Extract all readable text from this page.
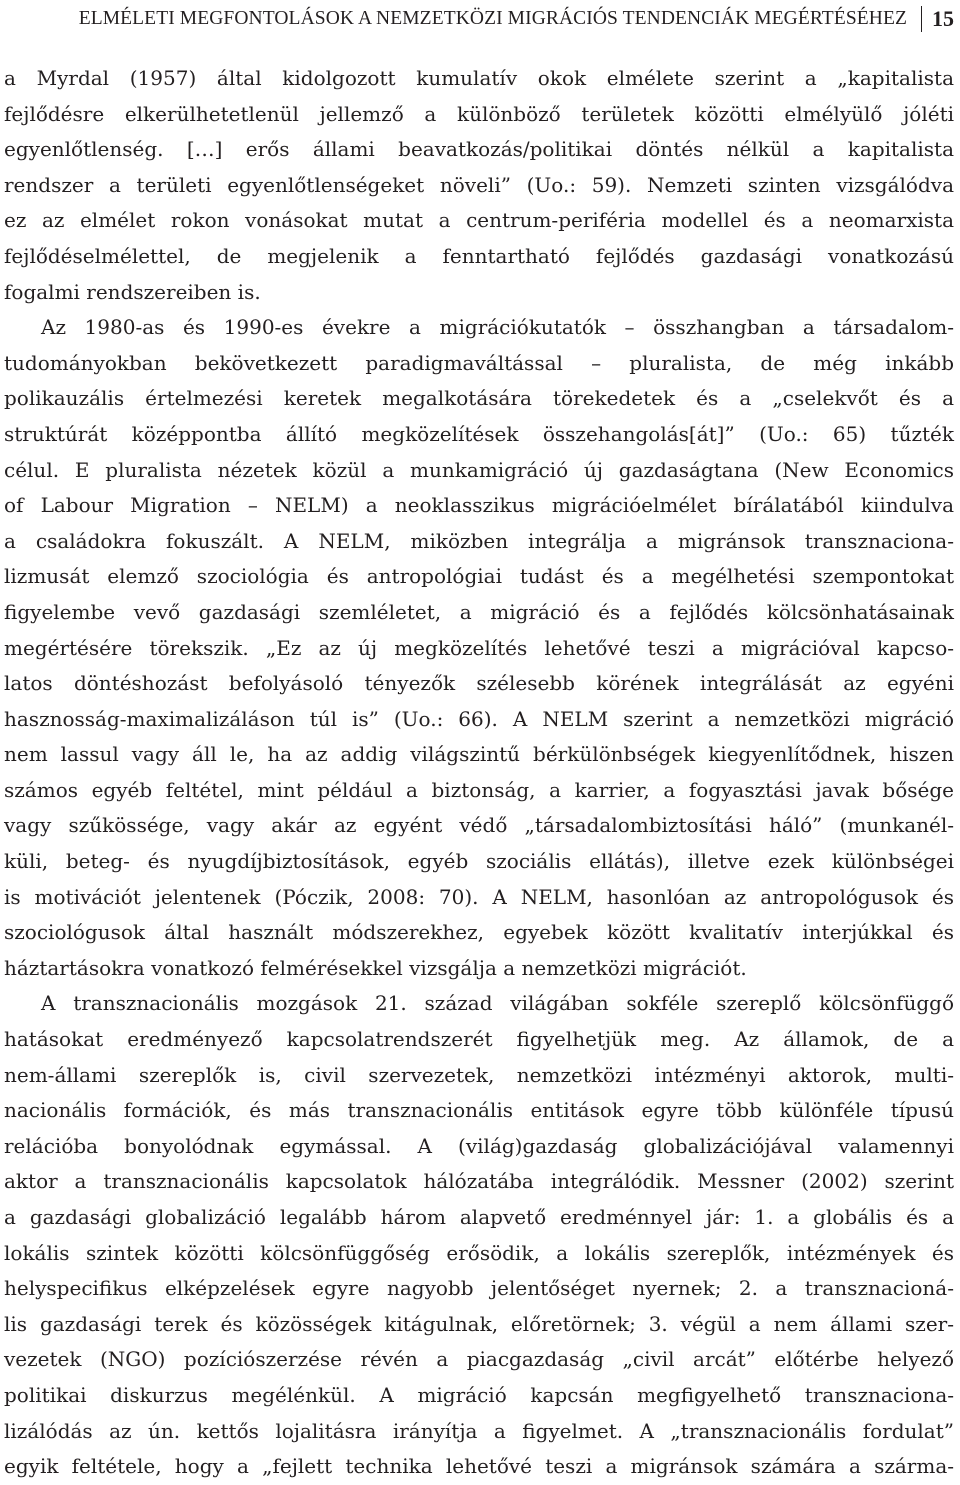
ELMÉLETI MEGFONTOLÁSOK A NEMZETKÖZI MIGRÁCIÓS TENDENCIÁK MEGÉRTÉSÉHEZ	15
a Myrdal (1957) által kidolgozott kumulatív okok elmélete szerint a „kapitalista
fejlődésre elkerülhetetlenül jellemző a különböző területek közötti elmélyülő jóléti
egyenlőtlenség. […] erős állami beavatkozás/politikai döntés nélkül a kapitalista
rendszer a területi egyenlőtlenségeket növeli” (Uo.: 59). Nemzeti szinten vizsgálódva
ez az elmélet rokon vonásokat mutat a centrum-periféria modellel és a neomarxista
fejlődéselmélettel, de megjelenik a fenntartható fejlődés gazdasági vonatkozású
fogalmi rendszereiben is.
Az 1980-as és 1990-es évekre a migrációkutatók – összhangban a társadalom-
tudományokban bekövetkezett paradigmaváltással – pluralista, de még inkább
polikauzális értelmezési keretek megalkotására törekedetek és a „cselekvőt és a
struktúrát középpontba állító megközelítések összehangolás[át]” (Uo.: 65) tűzték
célul. E pluralista nézetek közül a munkamigráció új gazdaságtana (New Economics
of Labour Migration – NELM) a neoklasszikus migrációelmélet bírálatából kiindulva
a családokra fokuszált. A NELM, miközben integrálja a migránsok transznaciona-
lizmusát elemző szociológia és antropológiai tudást és a megélhetési szempontokat
figyelembe vevő gazdasági szemléletet, a migráció és a fejlődés kölcsönhatásainak
megértésére törekszik. „Ez az új megközelítés lehetővé teszi a migrációval kapcso-
latos döntéshozást befolyásoló tényezők szélesebb körének integrálását az egyéni
hasznosság-maximalizáláson túl is” (Uo.: 66). A NELM szerint a nemzetközi migráció
nem lassul vagy áll le, ha az addig világszintű bérkülönbségek kiegyenlítődnek, hiszen
számos egyéb feltétel, mint például a biztonság, a karrier, a fogyasztási javak bősége
vagy szűkössége, vagy akár az egyént védő „társadalombiztosítási háló” (munkanél-
küli, beteg- és nyugdíjbiztosítások, egyéb szociális ellátás), illetve ezek különbségei
is motivációt jelentenek (Póczik, 2008: 70). A NELM, hasonlóan az antropológusok és
szociológusok által használt módszerekhez, egyebek között kvalitatív interjúkkal és
háztartásokra vonatkozó felmérésekkel vizsgálja a nemzetközi migrációt.
A transznacionális mozgások 21. század világában sokféle szereplő kölcsönfüggő
hatásokat eredményező kapcsolatrendszerét figyelhetjük meg. Az államok, de a
nem-állami szereplők is, civil szervezetek, nemzetközi intézményi aktorok, multi-
nacionális formációk, és más transznacionális entitások egyre több különféle típusú
relációba bonyolódnak egymással. A (világ)gazdaság globalizációjával valamennyi
aktor a transznacionális kapcsolatok hálózatába integrálódik. Messner (2002) szerint
a gazdasági globalizáció legalább három alapvető eredménnyel jár: 1. a globális és a
lokális szintek közötti kölcsönfüggőség erősödik, a lokális szereplők, intézmények és
helyspecifikus elképzelések egyre nagyobb jelentőséget nyernek; 2. a transznacioná-
lis gazdasági terek és közösségek kitágulnak, előretörnek; 3. végül a nem állami szer-
vezetek (NGO) pozíciószerzése révén a piacgazdaság „civil arcát” előtérbe helyező
politikai diskurzus megélénkül. A migráció kapcsán megfigyelhető transznaciona-
lizálódás az ún. kettős lojalitásra irányítja a figyelmet. A „transznacionális fordulat”
egyik feltétele, hogy a „fejlett technika lehetővé teszi a migránsok számára a szárma-
